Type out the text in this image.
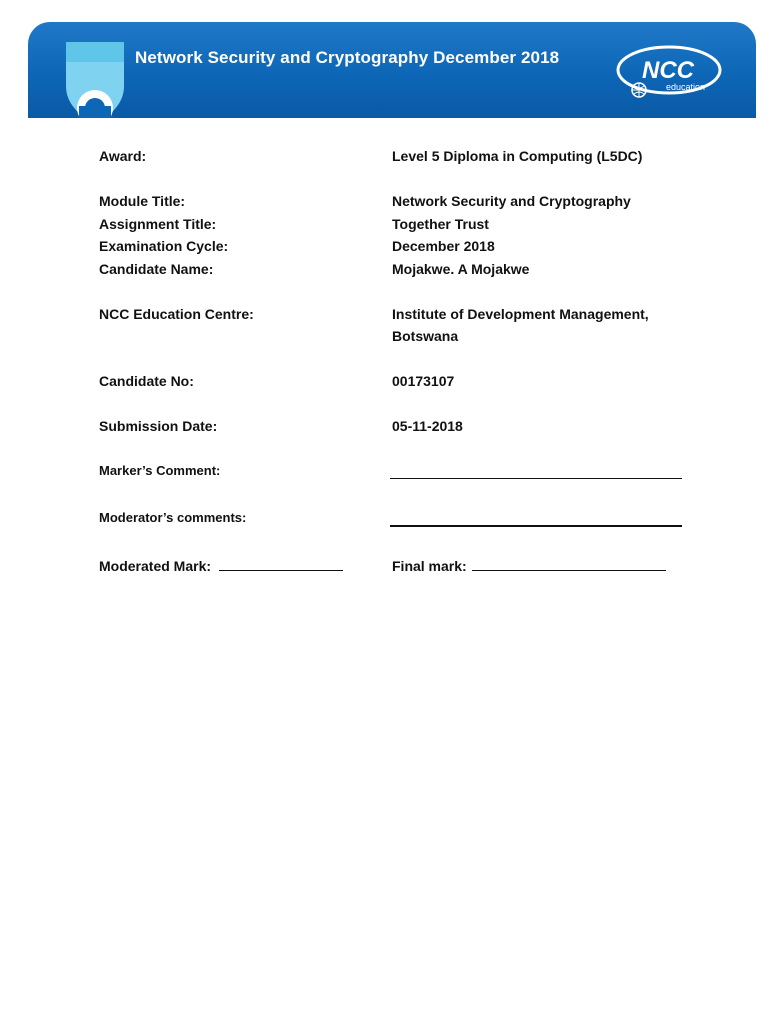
Network Security and Cryptography December 2018	NCC
education
Award:	Level 5 Diploma in Computing (L5DC)
Module Title:	Network Security and Cryptography
Assignment Title:	Together Trust
Examination Cycle:	December 2018
Candidate Name:	Mojakwe. A Mojakwe
NCC Education Centre:	Institute of Development Management,
Botswana
Candidate No:	00173107
Submission Date:	05-11-2018
Marker’s Comment:
Moderator’s comments:
Moderated Mark:	Final mark:
